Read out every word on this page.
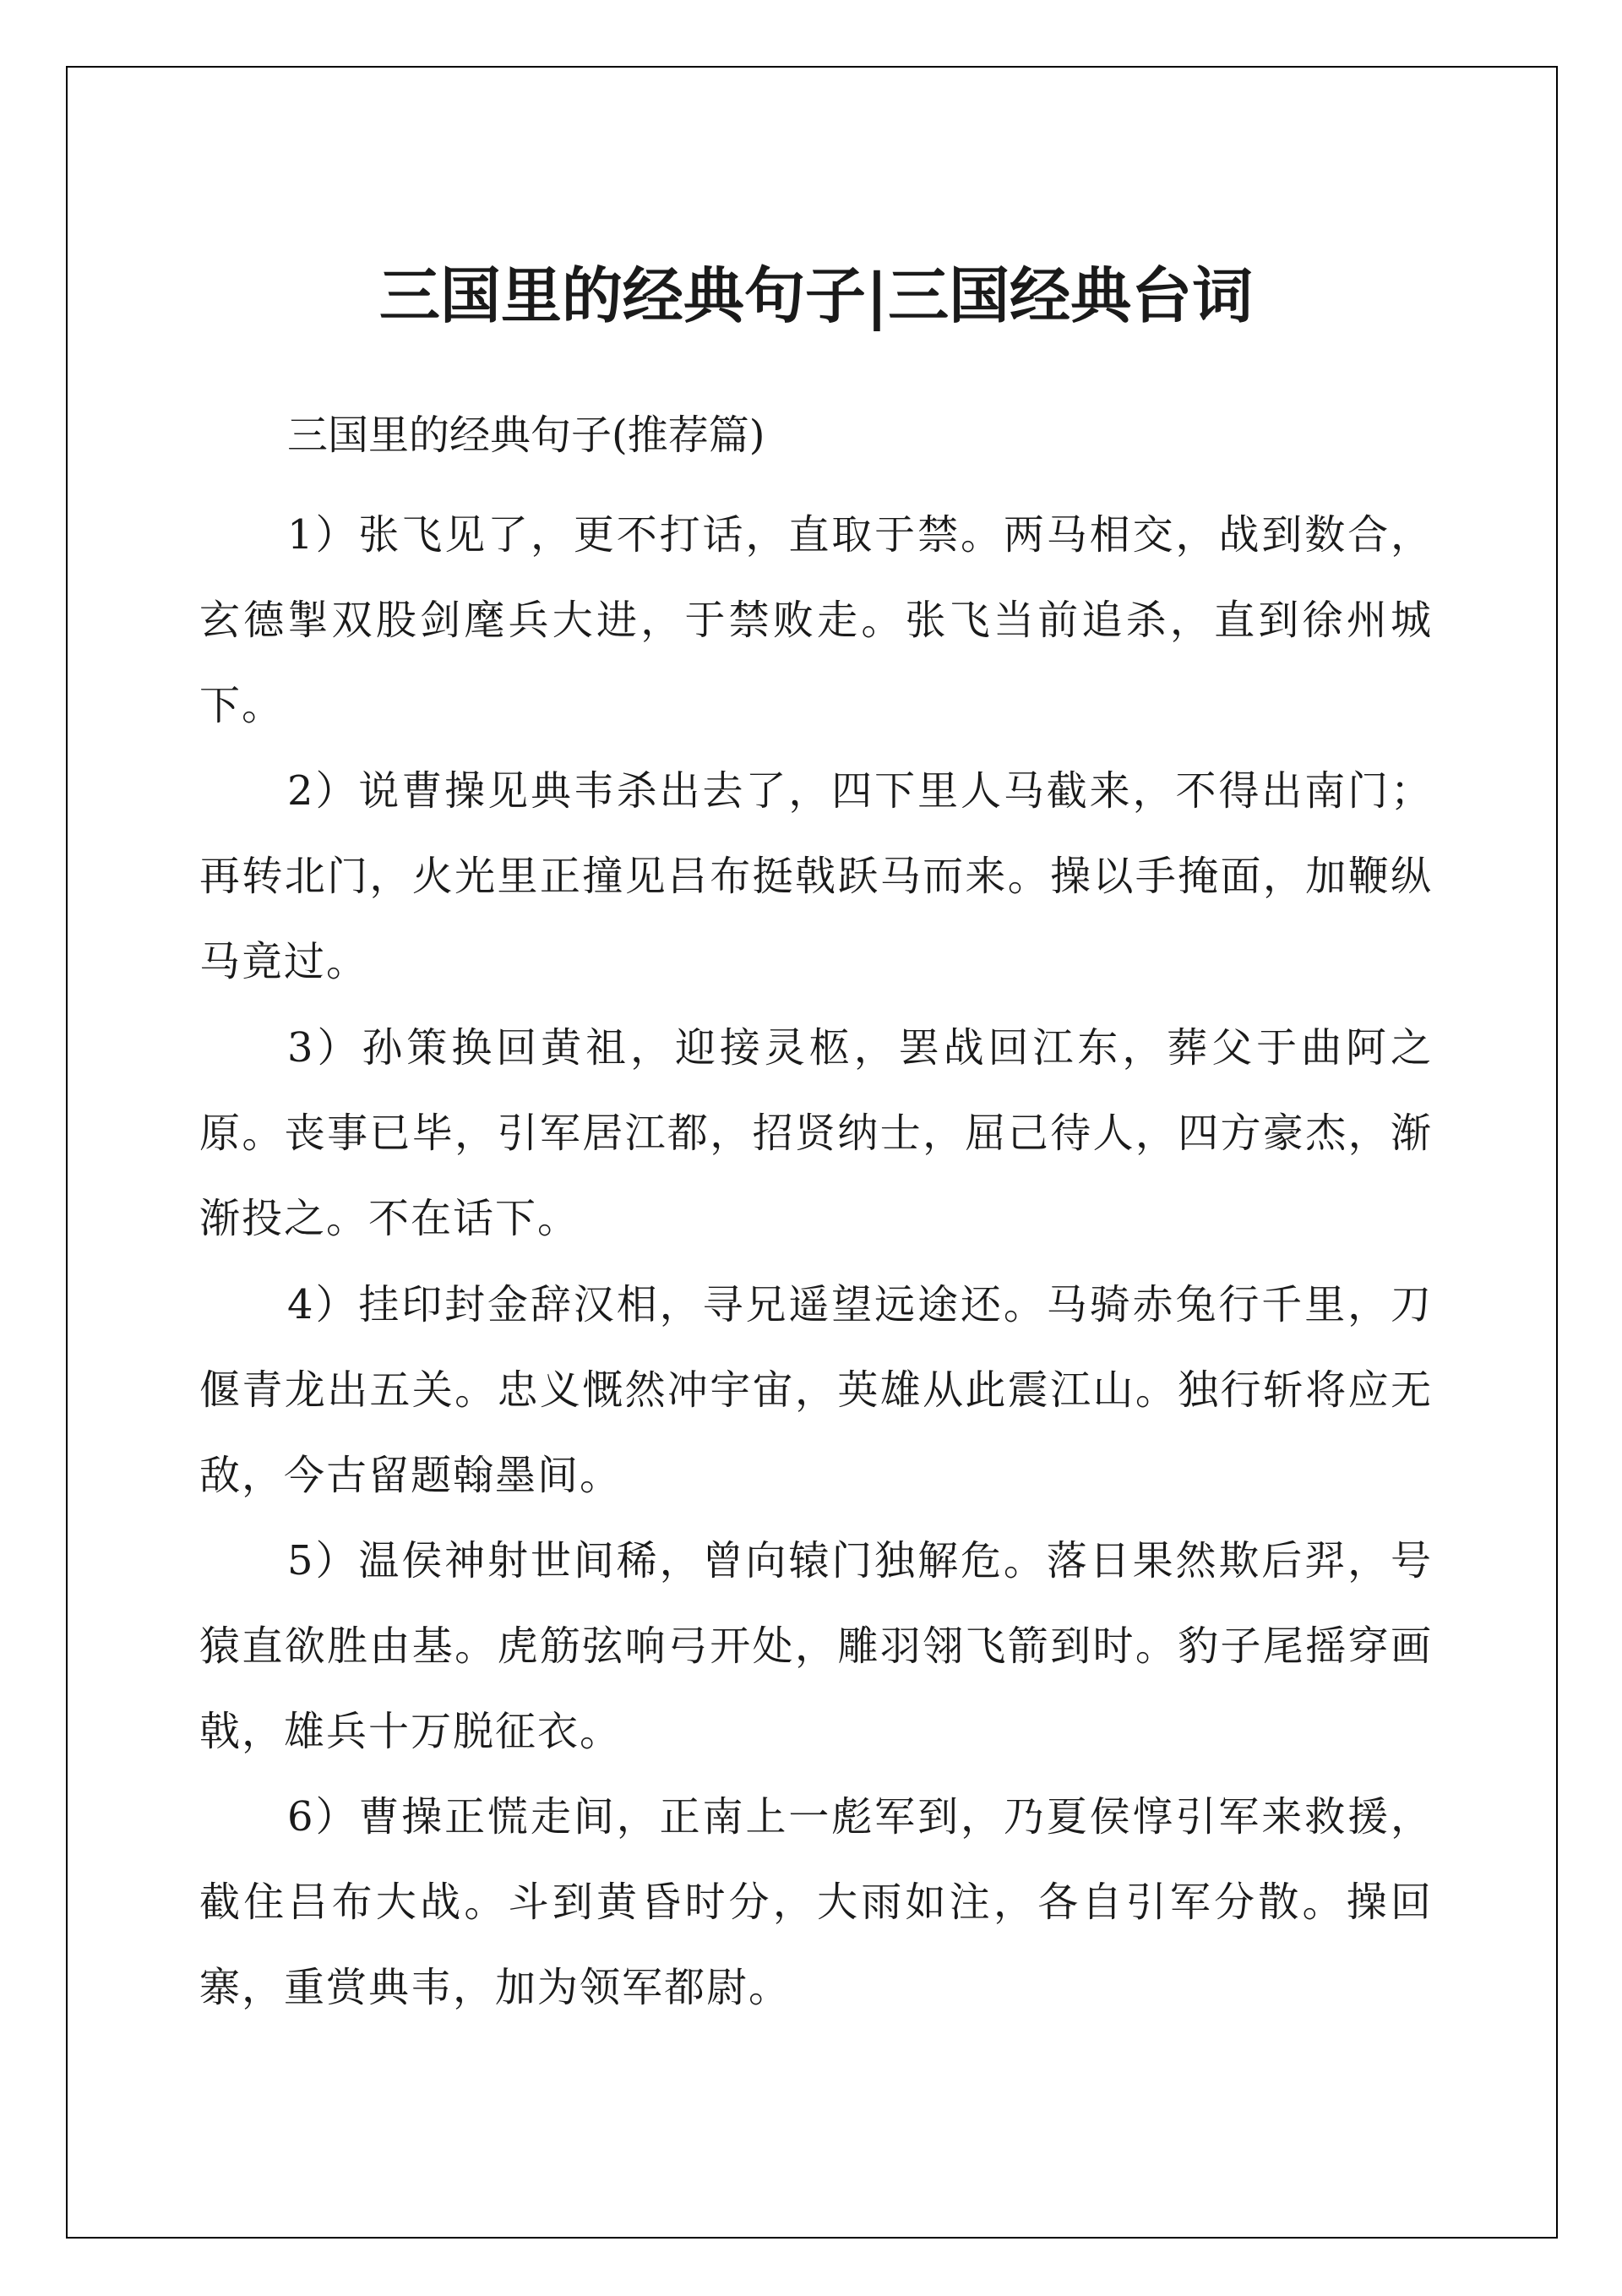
三国里的经典句子|三国经典台词

三国里的经典句子(推荐篇)

1）张飞见了，更不打话，直取于禁。两马相交，战到数合，玄德掣双股剑麾兵大进，于禁败走。张飞当前追杀，直到徐州城下。

2）说曹操见典韦杀出去了，四下里人马截来，不得出南门；再转北门，火光里正撞见吕布挺戟跃马而来。操以手掩面，加鞭纵马竟过。

3）孙策换回黄祖，迎接灵柩，罢战回江东，葬父于曲阿之原。丧事已毕，引军居江都，招贤纳士，屈己待人，四方豪杰，渐渐投之。不在话下。

4）挂印封金辞汉相，寻兄遥望远途还。马骑赤兔行千里，刀偃青龙出五关。忠义慨然冲宇宙，英雄从此震江山。独行斩将应无敌，今古留题翰墨间。

5）温侯神射世间稀，曾向辕门独解危。落日果然欺后羿，号猿直欲胜由基。虎筋弦响弓开处，雕羽翎飞箭到时。豹子尾摇穿画戟，雄兵十万脱征衣。

6）曹操正慌走间，正南上一彪军到，乃夏侯惇引军来救援，截住吕布大战。斗到黄昏时分，大雨如注，各自引军分散。操回寨，重赏典韦，加为领军都尉。
